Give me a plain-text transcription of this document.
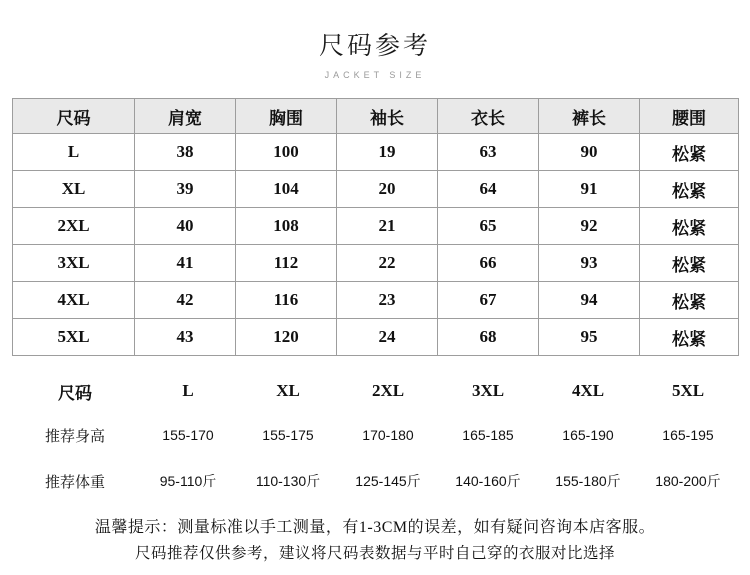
尺码参考
JACKET SIZE
尺码	肩宽	胸围	袖长	衣长	裤长	腰围
L	38	100	19	63	90	松紧
XL	39	104	20	64	91	松紧
2XL	40	108	21	65	92	松紧
3XL	41	112	22	66	93	松紧
4XL	42	116	23	67	94	松紧
5XL	43	120	24	68	95	松紧
尺码	L	XL	2XL	3XL	4XL	5XL
推荐身高	155-170	155-175	170-180	165-185	165-190	165-195
推荐体重	95-110斤	110-130斤	125-145斤	140-160斤	155-180斤	180-200斤
温馨提示：测量标准以手工测量，有1-3CM的误差，如有疑问咨询本店客服。
尺码推荐仅供参考，建议将尺码表数据与平时自己穿的衣服对比选择
